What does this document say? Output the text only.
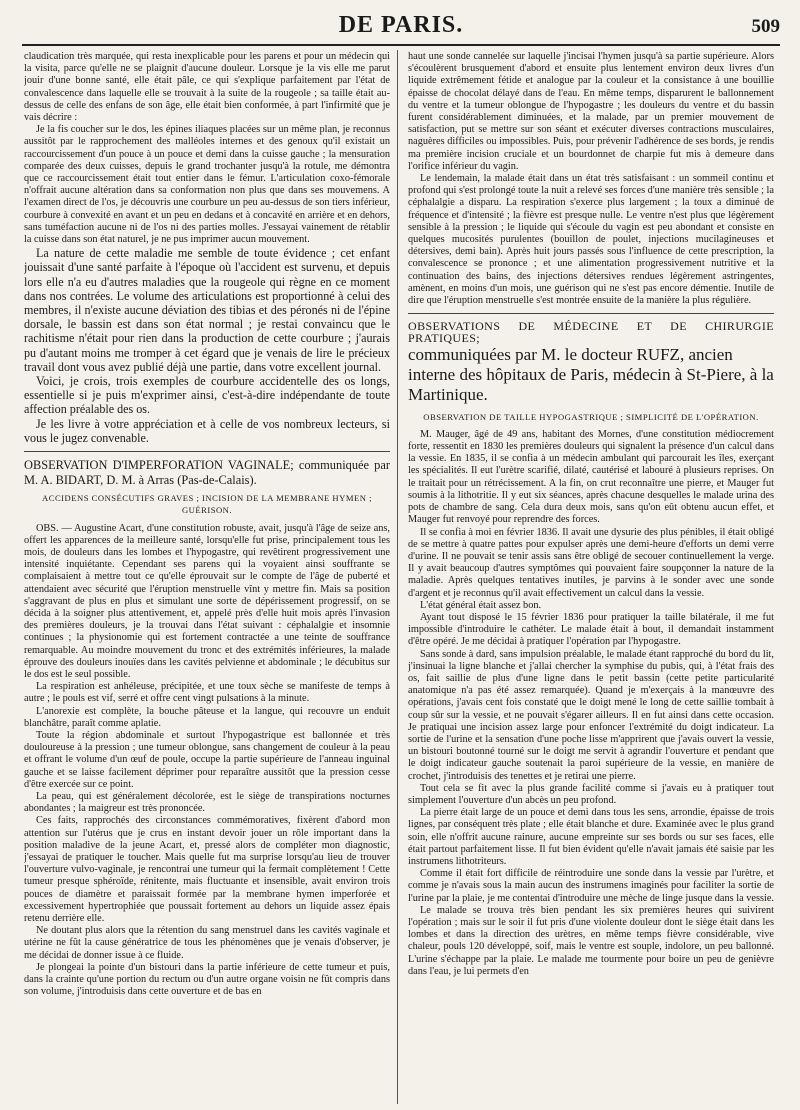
DE PARIS.	509

claudication très marquée, qui resta inexplicable pour les parens et pour un médecin qui la visita, parce qu'elle ne se plaignit d'aucune douleur. Lorsque je la vis elle me parut jouir d'une bonne santé, elle était pâle, ce qui s'explique parfaitement par l'état de convalescence dans laquelle elle se trouvait à la suite de la rougeole ; sa taille était au-dessus de celle des enfans de son âge, elle était bien conformée, à part l'infirmité que je vais décrire :

Je la fis coucher sur le dos, les épines iliaques placées sur un même plan, je reconnus aussitôt par le rapprochement des malléoles internes et des genoux qu'il existait un raccourcissement d'un pouce à un pouce et demi dans la cuisse gauche ; la mensuration comparée des deux cuisses, depuis le grand trochanter jusqu'à la rotule, me démontra que ce raccourcissement était tout entier dans le fémur. L'articulation coxo-fémorale n'offrait aucune altération dans sa conformation non plus que dans ses mouvemens. A l'examen direct de l'os, je découvris une courbure un peu au-dessus de son tiers inférieur, courbure à convexité en avant et un peu en dedans et à concavité en arrière et en dehors, sans tuméfaction aucune ni de l'os ni des parties molles. J'essayai vainement de rétablir la cuisse dans son état naturel, je ne pus imprimer aucun mouvement.

La nature de cette maladie me semble de toute évidence ; cet enfant jouissait d'une santé parfaite à l'époque où l'accident est survenu, et depuis lors elle n'a eu d'autres maladies que la rougeole qui règne en ce moment dans nos contrées. Le volume des articulations est proportionné à celui des membres, il n'existe aucune déviation des tibias et des péronés ni de l'épine dorsale, le bassin est dans son état normal ; je restai convaincu que le rachitisme n'était pour rien dans la production de cette courbure ; j'aurais pu d'autant moins me tromper à cet égard que je venais de lire le précieux travail dont vous avez publié déjà une partie, dans votre excellent journal.

Voici, je crois, trois exemples de courbure accidentelle des os longs, essentielle si je puis m'exprimer ainsi, c'est-à-dire indépendante de toute affection préalable des os.

Je les livre à votre appréciation et à celle de vos nombreux lecteurs, si vous le jugez convenable.

OBSERVATION D'IMPERFORATION VAGINALE; communiquée par M. A. BIDART, D. M. à Arras (Pas-de-Calais).

ACCIDENS CONSÉCUTIFS GRAVES ; INCISION DE LA MEMBRANE HYMEN ; GUÉRISON.

OBS. — Augustine Acart, d'une constitution robuste, avait, jusqu'à l'âge de seize ans, offert les apparences de la meilleure santé, lorsqu'elle fut prise, principalement tous les mois, de douleurs dans les lombes et l'hypogastre, qui revêtirent progressivement une intensité inquiétante. Cependant ses parens qui la voyaient ainsi souffrante se complaisaient à mettre tout ce qu'elle éprouvait sur le compte de l'âge de puberté et attendaient avec sécurité que l'éruption menstruelle vînt y mettre fin. Mais sa position s'aggravant de plus en plus et simulant une sorte de dépérissement progressif, on se décida à la soigner plus attentivement, et, appelé près d'elle huit mois après l'invasion des premières douleurs, je la trouvai dans l'état suivant : céphalalgie et insomnie continues ; la physionomie qui est fortement contractée a une teinte de souffrance remarquable. Au moindre mouvement du tronc et des extrémités inférieures, la malade éprouve des douleurs inouïes dans les cavités pelvienne et abdominale ; le décubitus sur le dos est le seul possible.

La respiration est anhéleuse, précipitée, et une toux sèche se manifeste de temps à autre ; le pouls est vif, serré et offre cent vingt pulsations à la minute.

L'anorexie est complète, la bouche pâteuse et la langue, qui recouvre un enduit blanchâtre, paraît comme aplatie.

Toute la région abdominale et surtout l'hypogastrique est ballonnée et très douloureuse à la pression ; une tumeur oblongue, sans changement de couleur à la peau et offrant le volume d'un œuf de poule, occupe la partie supérieure de l'anneau inguinal gauche et se laisse facilement déprimer pour reparaître aussitôt que la pression cesse d'être exercée sur ce point.

La peau, qui est généralement décolorée, est le siège de transpirations nocturnes abondantes ; la maigreur est très prononcée.

Ces faits, rapprochés des circonstances commémoratives, fixèrent d'abord mon attention sur l'utérus que je crus en instant devoir jouer un rôle important dans la position maladive de la jeune Acart, et, pressé alors de compléter mon diagnostic, j'essayai de pratiquer le toucher. Mais quelle fut ma surprise lorsqu'au lieu de trouver l'ouverture vulvo-vaginale, je rencontrai une tumeur qui la fermait complètement ! Cette tumeur presque sphéroïde, rénitente, mais fluctuante et insensible, avait environ trois pouces de diamètre et paraissait formée par la membrane hymen imperforée et excessivement hypertrophiée que poussait fortement au dehors un liquide assez épais retenu derrière elle.

Ne doutant plus alors que la rétention du sang menstruel dans les cavités vaginale et utérine ne fût la cause génératrice de tous les phénomènes que je venais d'observer, je me décidai de donner issue à ce fluide.

Je plongeai la pointe d'un bistouri dans la partie inférieure de cette tumeur et puis, dans la crainte qu'une portion du rectum ou d'un autre organe voisin ne fût compris dans son volume, j'introduisis dans cette ouverture et de bas en

haut une sonde cannelée sur laquelle j'incisai l'hymen jusqu'à sa partie supérieure. Alors s'écoulèrent brusquement d'abord et ensuite plus lentement environ deux livres d'un liquide extrêmement fétide et analogue par la couleur et la consistance à une bouillie épaisse de chocolat délayé dans de l'eau. En même temps, disparurent le ballonnement du ventre et la tumeur oblongue de l'hypogastre ; les douleurs du ventre et du bassin furent considérablement diminuées, et la malade, par un premier mouvement de satisfaction, put se mettre sur son séant et exécuter diverses contractions musculaires, naguères difficiles ou impossibles. Puis, pour prévenir l'adhérence de ses bords, je rendis ma première incision cruciale et un bourdonnet de charpie fut mis à demeure dans l'orifice inférieur du vagin.

Le lendemain, la malade était dans un état très satisfaisant : un sommeil continu et profond qui s'est prolongé toute la nuit a relevé ses forces d'une manière très sensible ; la céphalalgie a disparu. La respiration s'exerce plus largement ; la toux a diminué de fréquence et d'intensité ; la fièvre est presque nulle. Le ventre n'est plus que légèrement sensible à la pression ; le liquide qui s'écoule du vagin est peu abondant et consiste en quelques mucosités purulentes (bouillon de poulet, injections mucilagineuses et détersives, demi bain). Après huit jours passés sous l'influence de cette prescription, la convalescence se prononce ; et une alimentation progressivement nutritive et la continuation des bains, des injections détersives rendues légèrement astringentes, amènent, en moins d'un mois, une guérison qui ne s'est pas encore démentie. Inutile de dire que l'éruption menstruelle s'est montrée ensuite de la manière la plus régulière.

OBSERVATIONS DE MÉDECINE ET DE CHIRURGIE PRATIQUES;

communiquées par M. le docteur RUFZ, ancien interne des hôpitaux de Paris, médecin à St-Piere, à la Martinique.

OBSERVATION DE TAILLE HYPOGASTRIQUE ; SIMPLICITÉ DE L'OPÉRATION.

M. Mauger, âgé de 49 ans, habitant des Mornes, d'une constitution médiocrement forte, ressentit en 1830 les premières douleurs qui signalent la présence d'un calcul dans la vessie. En 1835, il se confia à un médecin ambulant qui parcourait les îles, exerçant les spécialités. Il eut l'urètre scarifié, dilaté, cautérisé et labouré à plusieurs reprises. On le traitait pour un rétrécissement. A la fin, on crut reconnaître une pierre, et Mauger fut soumis à la lithotritie. Il y eut six séances, après chacune desquelles le malade urina des pots de chambre de sang. Cela dura deux mois, sans qu'on eût obtenu aucun effet, et Mauger fut renvoyé pour reprendre des forces.

Il se confia à moi en février 1836. Il avait une dysurie des plus pénibles, il était obligé de se mettre à quatre pattes pour expulser après une demi-heure d'efforts un demi verre d'urine. Il ne pouvait se tenir assis sans être obligé de secouer continuellement la verge. Il y avait beaucoup d'autres symptômes qui pouvaient faire soupçonner la nature de la maladie. Après quelques tentatives inutiles, je parvins à le sonder avec une sonde d'argent et je reconnus qu'il avait effectivement un calcul dans la vessie.

L'état général était assez bon.

Ayant tout disposé le 15 février 1836 pour pratiquer la taille bilatérale, il me fut impossible d'introduire le cathéter. Le malade était à bout, il demandait instamment d'être opéré. Je me décidai à pratiquer l'opération par l'hypogastre.

Sans sonde à dard, sans impulsion préalable, le malade étant rapproché du bord du lit, j'insinuai la ligne blanche et j'allai chercher la symphise du pubis, qui, à l'état frais des os, fait saillie de plus d'une ligne dans le petit bassin (cette petite particularité anatomique n'a pas été assez remarquée). Quand je m'exerçais à la manœuvre des opérations, j'avais cent fois constaté que le doigt mené le long de cette saillie tombait à coup sûr sur la vessie, et ne pouvait s'égarer ailleurs. Il en fut ainsi dans cette occasion. Je pratiquai une incision assez large pour enfoncer l'extrémité du doigt indicateur. La sortie de l'urine et la sensation d'une poche lisse m'apprirent que j'avais ouvert la vessie, un bistouri boutonné tourné sur le doigt me servit à agrandir l'ouverture et pendant que le doigt indicateur gauche soutenait la paroi supérieure de la vessie, en manière de crochet, j'introduisis des tenettes et je retirai une pierre.

Tout cela se fit avec la plus grande facilité comme si j'avais eu à pratiquer tout simplement l'ouverture d'un abcès un peu profond.

La pierre était large de un pouce et demi dans tous les sens, arrondie, épaisse de trois lignes, par conséquent très plate ; elle était blanche et dure. Examinée avec le plus grand soin, elle n'offrit aucune rainure, aucune empreinte sur ses bords ou sur ses faces, elle était partout parfaitement lisse. Il fut bien évident qu'elle n'avait jamais été saisie par les instrumens lithotriteurs.

Comme il était fort difficile de réintroduire une sonde dans la vessie par l'urètre, et comme je n'avais sous la main aucun des instrumens imaginés pour faciliter la sortie de l'urine par la plaie, je me contentai d'introduire une mèche de linge jusque dans la vessie.

Le malade se trouva très bien pendant les six premières heures qui suivirent l'opération ; mais sur le soir il fut pris d'une violente douleur dont le siège était dans les lombes et dans la direction des urètres, en même temps fièvre considérable, vive chaleur, pouls 120 développé, soif, mais le ventre est souple, indolore, un peu ballonné. L'urine s'échappe par la plaie. Le malade me tourmente pour boire un peu de genièvre dans l'eau, je lui permets d'en
